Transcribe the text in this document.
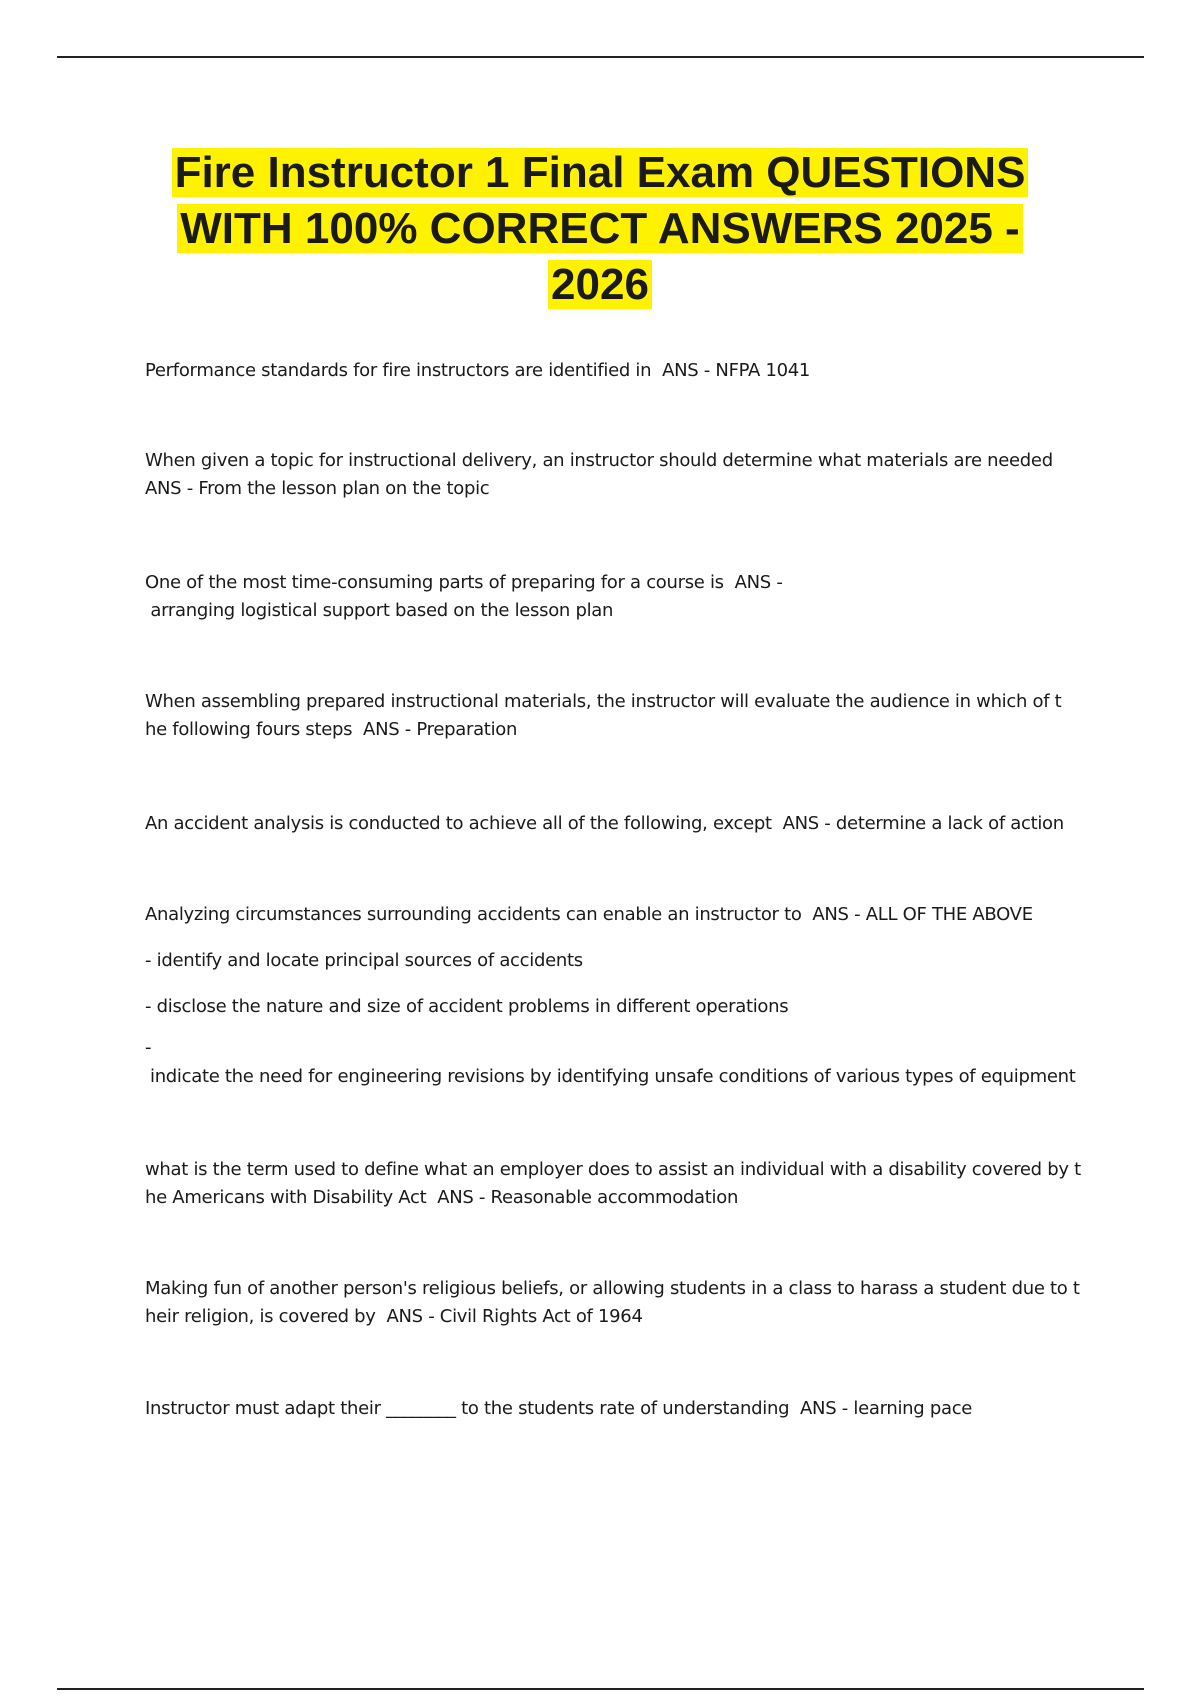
Fire Instructor 1 Final Exam QUESTIONS
WITH 100% CORRECT ANSWERS 2025 -
2026
Performance standards for fire instructors are identified in  ANS - NFPA 1041
When given a topic for instructional delivery, an instructor should determine what materials are needed
ANS - From the lesson plan on the topic
One of the most time-consuming parts of preparing for a course is  ANS -
arranging logistical support based on the lesson plan
When assembling prepared instructional materials, the instructor will evaluate the audience in which of t
he following fours steps  ANS - Preparation
An accident analysis is conducted to achieve all of the following, except  ANS - determine a lack of action
Analyzing circumstances surrounding accidents can enable an instructor to  ANS - ALL OF THE ABOVE
- identify and locate principal sources of accidents
- disclose the nature and size of accident problems in different operations
-
indicate the need for engineering revisions by identifying unsafe conditions of various types of equipment
what is the term used to define what an employer does to assist an individual with a disability covered by t
he Americans with Disability Act  ANS - Reasonable accommodation
Making fun of another person's religious beliefs, or allowing students in a class to harass a student due to t
heir religion, is covered by  ANS - Civil Rights Act of 1964
Instructor must adapt their ________ to the students rate of understanding  ANS - learning pace
